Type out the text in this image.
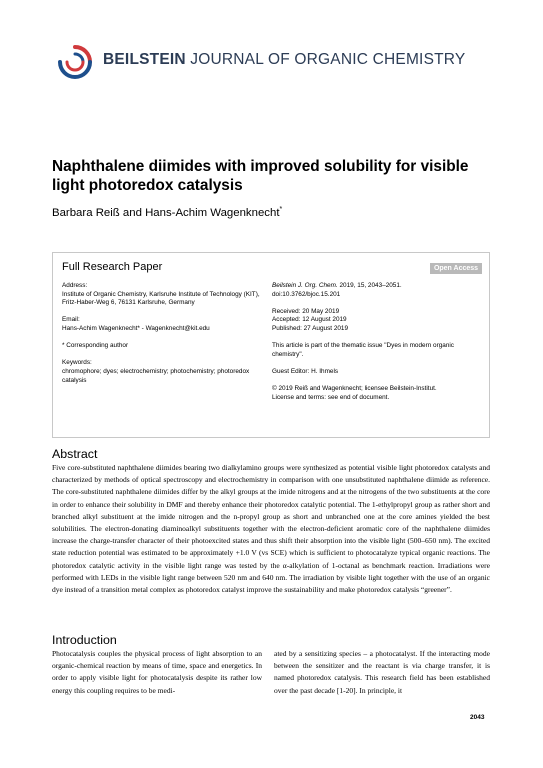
BEILSTEIN JOURNAL OF ORGANIC CHEMISTRY
Naphthalene diimides with improved solubility for visible light photoredox catalysis
Barbara Reiß and Hans-Achim Wagenknecht*
Full Research Paper	Open Access
Address:
Institute of Organic Chemistry, Karlsruhe Institute of Technology (KIT), Fritz-Haber-Weg 6, 76131 Karlsruhe, Germany
Email:
Hans-Achim Wagenknecht* - Wagenknecht@kit.edu
* Corresponding author
Keywords:
chromophore; dyes; electrochemistry; photochemistry; photoredox catalysis
Beilstein J. Org. Chem. 2019, 15, 2043–2051.
doi:10.3762/bjoc.15.201
Received: 20 May 2019
Accepted: 12 August 2019
Published: 27 August 2019
This article is part of the thematic issue "Dyes in modern organic chemistry".
Guest Editor: H. Ihmels
© 2019 Reiß and Wagenknecht; licensee Beilstein-Institut.
License and terms: see end of document.
Abstract
Five core-substituted naphthalene diimides bearing two dialkylamino groups were synthesized as potential visible light photoredox catalysts and characterized by methods of optical spectroscopy and electrochemistry in comparison with one unsubstituted naphthalene diimide as reference. The core-substituted naphthalene diimides differ by the alkyl groups at the imide nitrogens and at the nitrogens of the two substituents at the core in order to enhance their solubility in DMF and thereby enhance their photoredox catalytic potential. The 1-ethylpropyl group as rather short and branched alkyl substituent at the imide nitrogen and the n-propyl group as short and unbranched one at the core amines yielded the best solubilities. The electron-donating diaminoalkyl substituents together with the electron-deficient aromatic core of the naphthalene diimides increase the charge-transfer character of their photoexcited states and thus shift their absorption into the visible light (500–650 nm). The excited state reduction potential was estimated to be approximately +1.0 V (vs SCE) which is sufficient to photocatalyze typical organic reactions. The photoredox catalytic activity in the visible light range was tested by the α-alkylation of 1-octanal as benchmark reaction. Irradiations were performed with LEDs in the visible light range between 520 nm and 640 nm. The irradiation by visible light together with the use of an organic dye instead of a transition metal complex as photoredox catalyst improve the sustainability and make photoredox catalysis “greener”.
Introduction
Photocatalysis couples the physical process of light absorption to an organic-chemical reaction by means of time, space and energetics. In order to apply visible light for photocatalysis despite its rather low energy this coupling requires to be medi-
ated by a sensitizing species – a photocatalyst. If the interacting mode between the sensitizer and the reactant is via charge transfer, it is named photoredox catalysis. This research field has been established over the past decade [1-20]. In principle, it
2043
